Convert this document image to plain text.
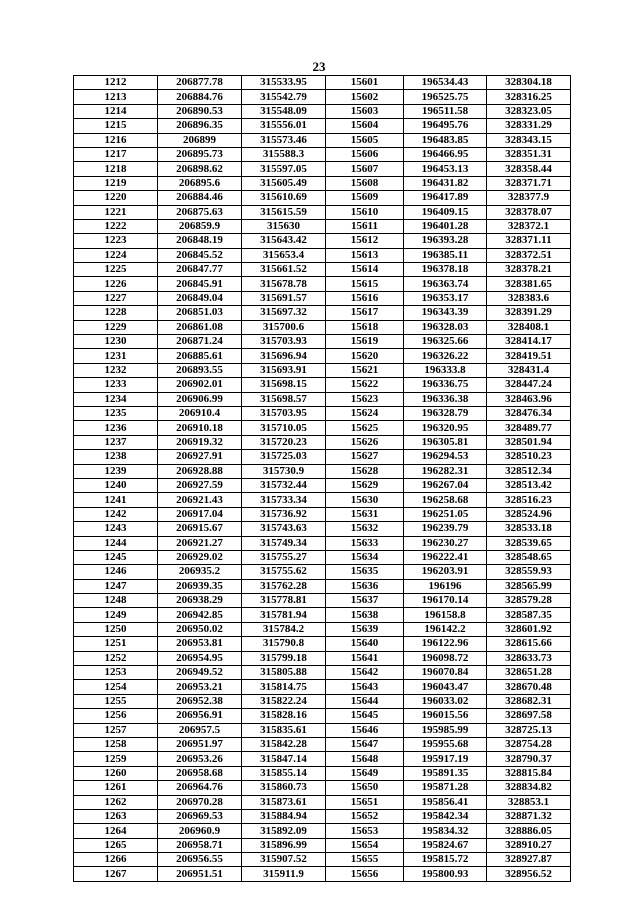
23
1212	206877.78	315533.95	15601	196534.43	328304.18
1213	206884.76	315542.79	15602	196525.75	328316.25
1214	206890.53	315548.09	15603	196511.58	328323.05
1215	206896.35	315556.01	15604	196495.76	328331.29
1216	206899	315573.46	15605	196483.85	328343.15
1217	206895.73	315588.3	15606	196466.95	328351.31
1218	206898.62	315597.05	15607	196453.13	328358.44
1219	206895.6	315605.49	15608	196431.82	328371.71
1220	206884.46	315610.69	15609	196417.89	328377.9
1221	206875.63	315615.59	15610	196409.15	328378.07
1222	206859.9	315630	15611	196401.28	328372.1
1223	206848.19	315643.42	15612	196393.28	328371.11
1224	206845.52	315653.4	15613	196385.11	328372.51
1225	206847.77	315661.52	15614	196378.18	328378.21
1226	206845.91	315678.78	15615	196363.74	328381.65
1227	206849.04	315691.57	15616	196353.17	328383.6
1228	206851.03	315697.32	15617	196343.39	328391.29
1229	206861.08	315700.6	15618	196328.03	328408.1
1230	206871.24	315703.93	15619	196325.66	328414.17
1231	206885.61	315696.94	15620	196326.22	328419.51
1232	206893.55	315693.91	15621	196333.8	328431.4
1233	206902.01	315698.15	15622	196336.75	328447.24
1234	206906.99	315698.57	15623	196336.38	328463.96
1235	206910.4	315703.95	15624	196328.79	328476.34
1236	206910.18	315710.05	15625	196320.95	328489.77
1237	206919.32	315720.23	15626	196305.81	328501.94
1238	206927.91	315725.03	15627	196294.53	328510.23
1239	206928.88	315730.9	15628	196282.31	328512.34
1240	206927.59	315732.44	15629	196267.04	328513.42
1241	206921.43	315733.34	15630	196258.68	328516.23
1242	206917.04	315736.92	15631	196251.05	328524.96
1243	206915.67	315743.63	15632	196239.79	328533.18
1244	206921.27	315749.34	15633	196230.27	328539.65
1245	206929.02	315755.27	15634	196222.41	328548.65
1246	206935.2	315755.62	15635	196203.91	328559.93
1247	206939.35	315762.28	15636	196196	328565.99
1248	206938.29	315778.81	15637	196170.14	328579.28
1249	206942.85	315781.94	15638	196158.8	328587.35
1250	206950.02	315784.2	15639	196142.2	328601.92
1251	206953.81	315790.8	15640	196122.96	328615.66
1252	206954.95	315799.18	15641	196098.72	328633.73
1253	206949.52	315805.88	15642	196070.84	328651.28
1254	206953.21	315814.75	15643	196043.47	328670.48
1255	206952.38	315822.24	15644	196033.02	328682.31
1256	206956.91	315828.16	15645	196015.56	328697.58
1257	206957.5	315835.61	15646	195985.99	328725.13
1258	206951.97	315842.28	15647	195955.68	328754.28
1259	206953.26	315847.14	15648	195917.19	328790.37
1260	206958.68	315855.14	15649	195891.35	328815.84
1261	206964.76	315860.73	15650	195871.28	328834.82
1262	206970.28	315873.61	15651	195856.41	328853.1
1263	206969.53	315884.94	15652	195842.34	328871.32
1264	206960.9	315892.09	15653	195834.32	328886.05
1265	206958.71	315896.99	15654	195824.67	328910.27
1266	206956.55	315907.52	15655	195815.72	328927.87
1267	206951.51	315911.9	15656	195800.93	328956.52
